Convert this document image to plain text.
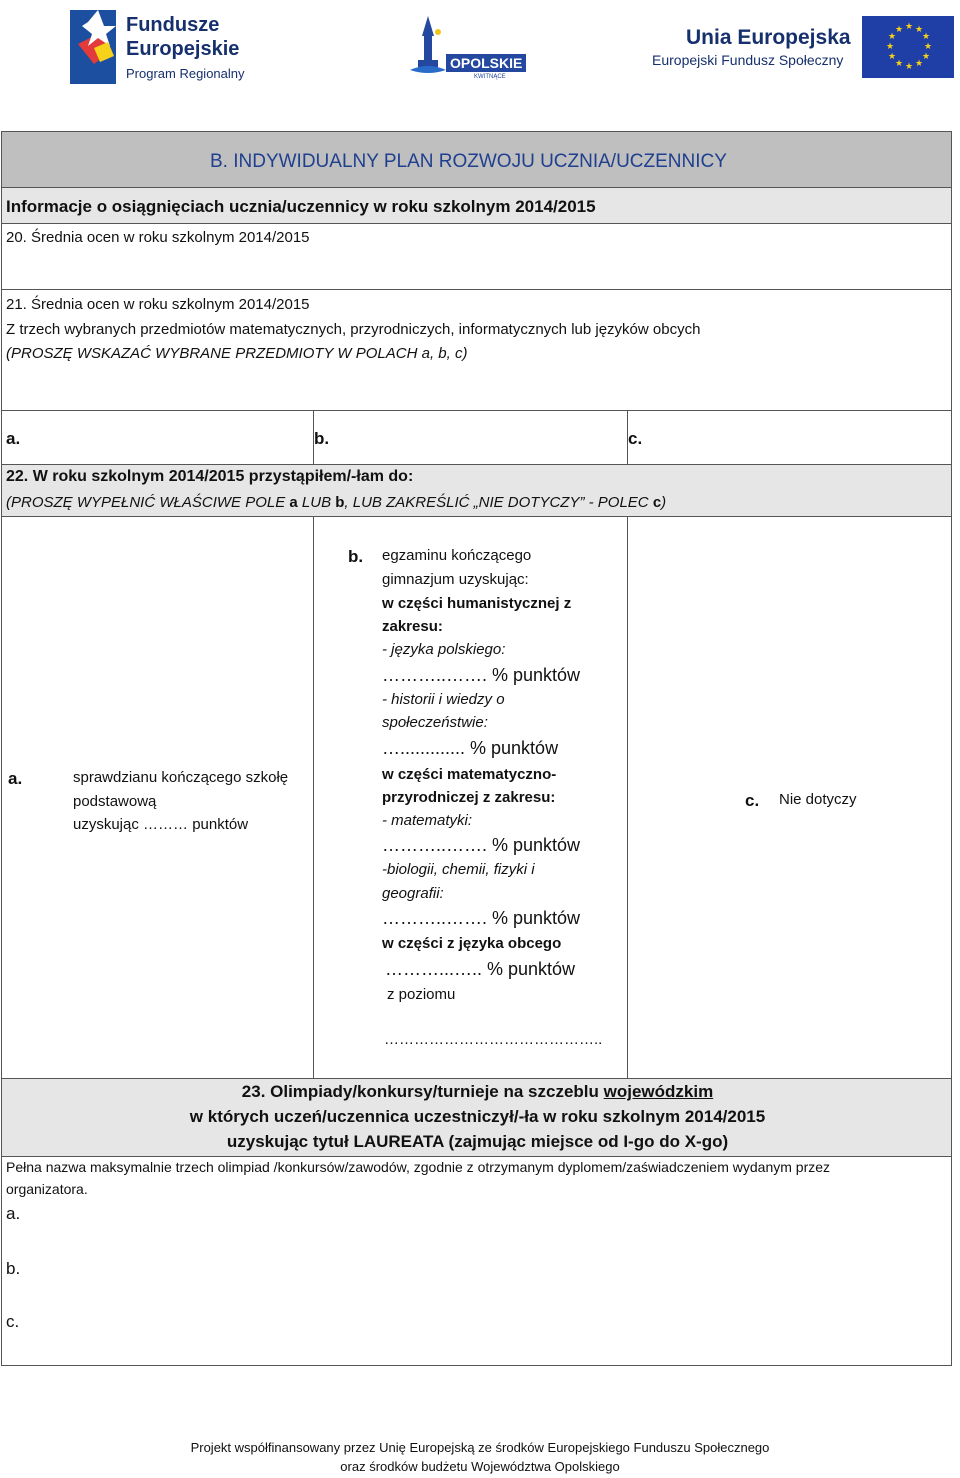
Fundusze
Europejskie
Program Regionalny
OPOLSKIE
KWITNĄCE
Unia Europejska
Europejski Fundusz Społeczny
★ ★
★
★
★
★
★
★
★
★
★
★
B. INDYWIDUALNY PLAN ROZWOJU UCZNIA/UCZENNICY
Informacje o osiągnięciach ucznia/uczennicy w roku szkolnym 2014/2015
20. Średnia ocen w roku szkolnym 2014/2015
21. Średnia ocen w roku szkolnym 2014/2015
Z trzech wybranych przedmiotów matematycznych, przyrodniczych, informatycznych lub języków obcych
(PROSZĘ WSKAZAĆ WYBRANE PRZEDMIOTY W POLACH a, b, c)
a.	b.	c.
22. W roku szkolnym 2014/2015 przystąpiłem/-łam do:
(PROSZĘ WYPEŁNIĆ WŁAŚCIWE POLE a LUB b, LUB ZAKREŚLIĆ „NIE DOTYCZY” - POLEC c)
a.	sprawdzianu kończącego szkołę
podstawową
uzyskując ……… punktów
b. egzaminu kończącego
gimnazjum uzyskując:
w części humanistycznej z
zakresu:
- języka polskiego:
………..……. % punktów
- historii i wiedzy o
społeczeństwie:
…............. % punktów
w części matematyczno-
przyrodniczej z zakresu:
- matematyki:
………..……. % punktów
-biologii, chemii, fizyki i
geografii:
………..……. % punktów
w części z języka obcego
………...….. % punktów
z poziomu
……………………………………..
c. Nie dotyczy
23. Olimpiady/konkursy/turnieje na szczeblu wojewódzkim
w których uczeń/uczennica uczestniczył/-ła w roku szkolnym 2014/2015
uzyskując tytuł LAUREATA (zajmując miejsce od I-go do X-go)
Pełna nazwa maksymalnie trzech olimpiad /konkursów/zawodów, zgodnie z otrzymanym dyplomem/zaświadczeniem wydanym przez
organizatora.
a.
b.
c.
Projekt współfinansowany przez Unię Europejską ze środków Europejskiego Funduszu Społecznego
oraz środków budżetu Województwa Opolskiego
